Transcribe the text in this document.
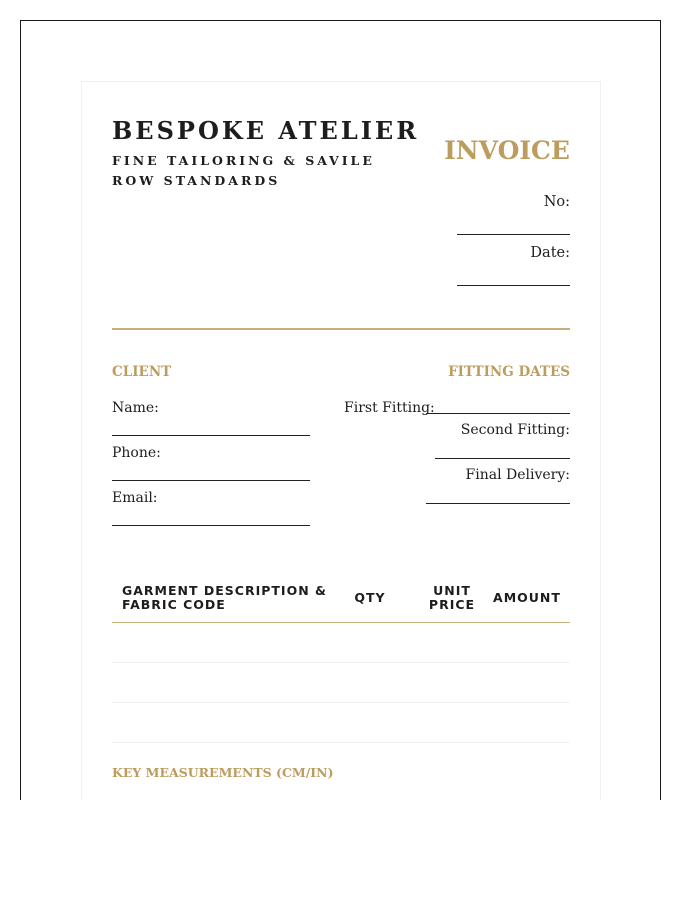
BESPOKE ATELIER
FINE TAILORING & SAVILE ROW STANDARDS
INVOICE
No:
Date:
CLIENT
Name:
Phone:
Email:
FITTING DATES
First Fitting:
Second Fitting:
Final Delivery:
GARMENT DESCRIPTION & FABRIC CODE	QTY	UNIT PRICE	AMOUNT
KEY MEASUREMENTS (CM/IN)
